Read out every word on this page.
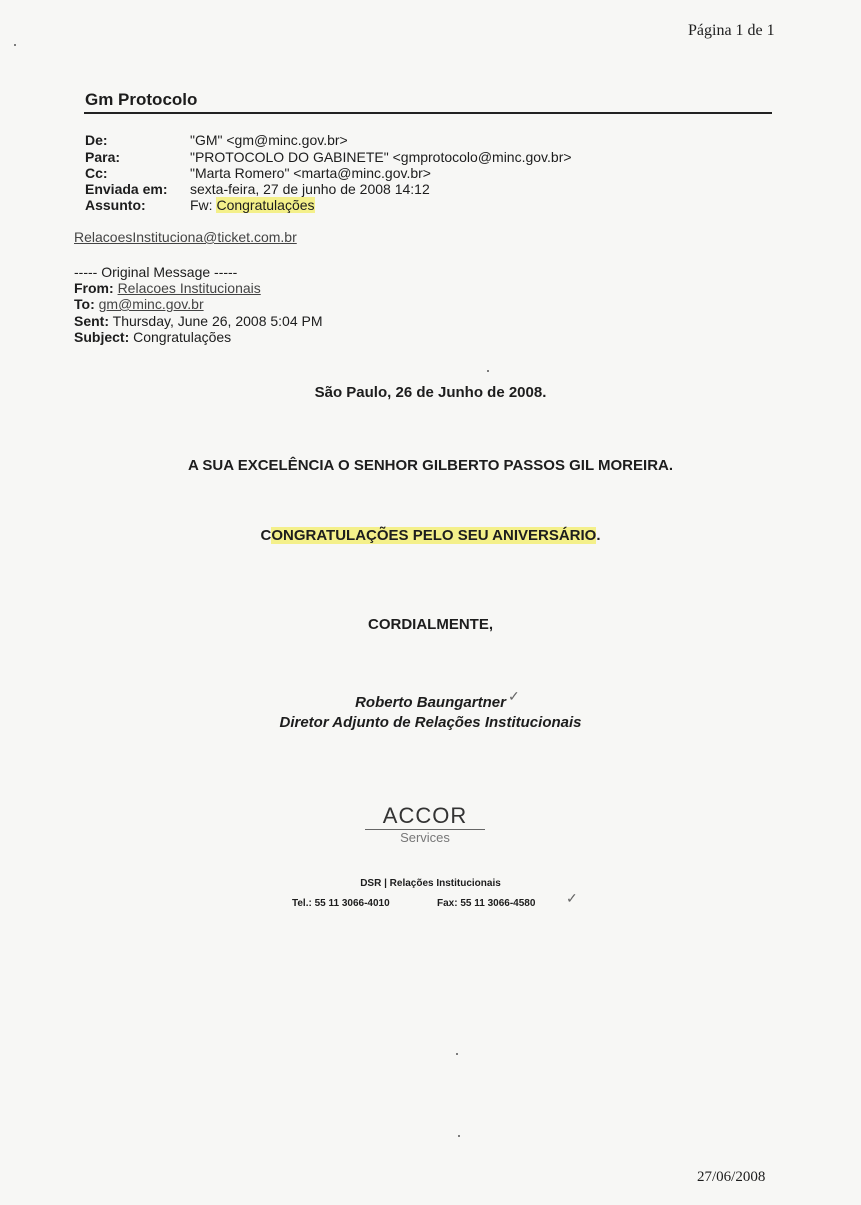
Página 1 de 1
Gm Protocolo
De:	"GM" <gm@minc.gov.br>
Para:	"PROTOCOLO DO GABINETE" <gmprotocolo@minc.gov.br>
Cc:	"Marta Romero" <marta@minc.gov.br>
Enviada em: sexta-feira, 27 de junho de 2008 14:12
Assunto:	Fw: Congratulações
RelacoesInstituciona@ticket.com.br
----- Original Message -----
From: Relacoes Institucionais
To: gm@minc.gov.br
Sent: Thursday, June 26, 2008 5:04 PM
Subject: Congratulações
São Paulo, 26 de Junho de 2008.
A SUA EXCELÊNCIA O SENHOR GILBERTO PASSOS GIL MOREIRA.
CONGRATULAÇÕES PELO SEU ANIVERSÁRIO.
CORDIALMENTE,
Roberto Baungartner
Diretor Adjunto de Relações Institucionais
✓
ACCOR
Services
DSR | Relações Institucionais
Tel.: 55 11 3066-4010	Fax: 55 11 3066-4580 ✓
27/06/2008
